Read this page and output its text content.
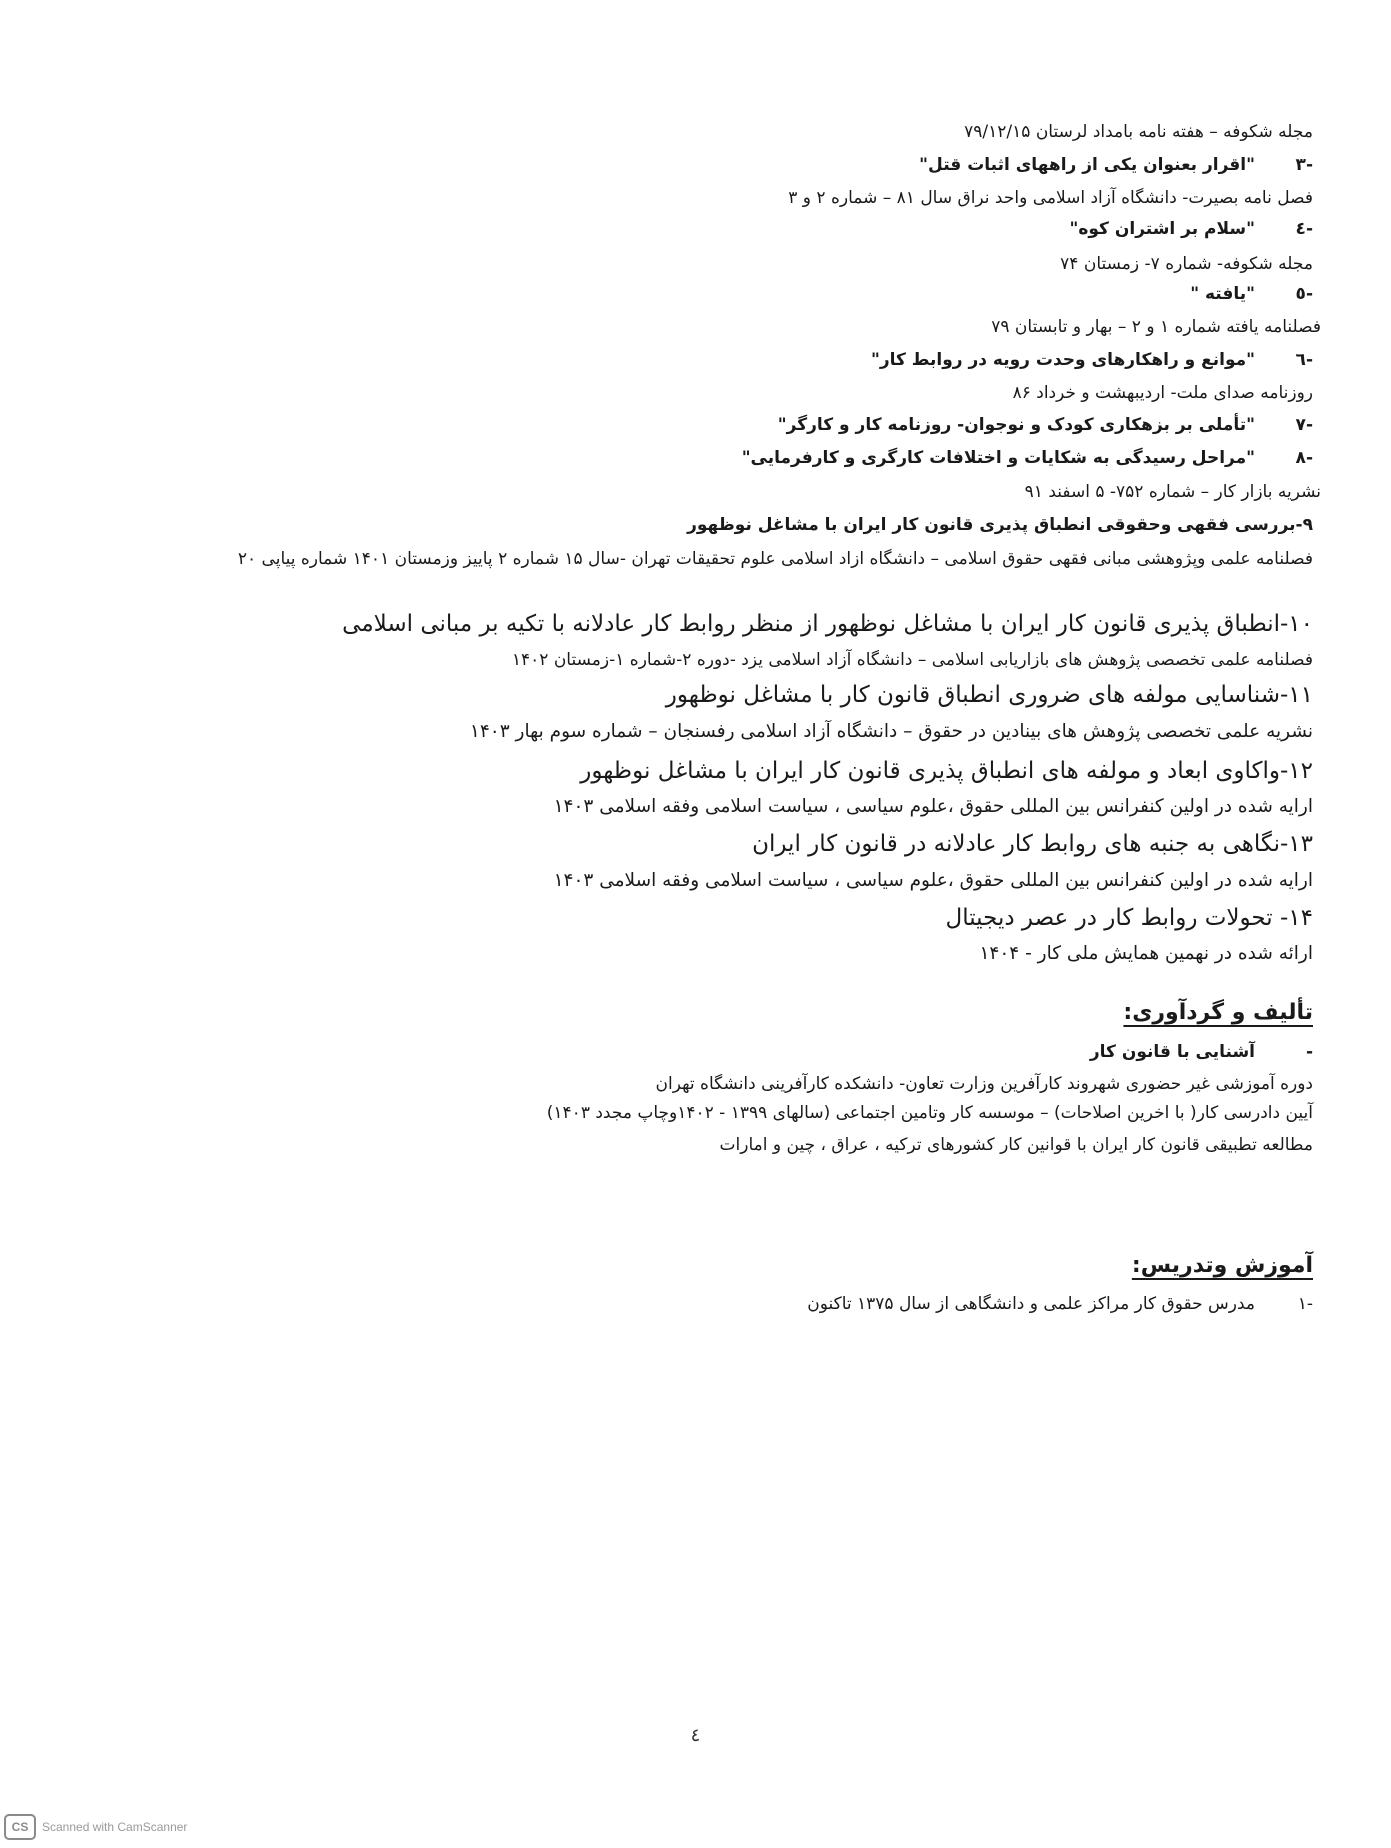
مجله شکوفه – هفته نامه بامداد لرستان ۷۹/۱۲/۱۵
-٣
"اقرار بعنوان یکی از راههای اثبات قتل"
فصل نامه بصیرت- دانشگاه آزاد اسلامی واحد نراق سال ۸۱ – شماره ۲ و ۳
-٤
"سلام بر اشتران کوه"
مجله شکوفه- شماره ۷- زمستان ۷۴
-٥
"یافته "
فصلنامه یافته شماره ۱ و ۲ – بهار و تابستان ۷۹
-٦
"موانع و راهکارهای وحدت رویه در روابط کار"
روزنامه صدای ملت- اردیبهشت و خرداد ۸۶
-٧
"تأملی بر بزهکاری کودک و نوجوان- روزنامه کار و کارگر"
-٨
"مراحل رسیدگی به شکایات و اختلافات کارگری و کارفرمایی"
نشریه بازار کار – شماره ۷۵۲- ۵ اسفند ۹۱
۹-بررسی فقهی وحقوقی انطباق پذیری قانون کار ایران با مشاغل نوظهور
فصلنامه علمی وپژوهشی مبانی فقهی حقوق اسلامی – دانشگاه ازاد اسلامی علوم تحقیقات تهران -سال ۱۵ شماره ۲ پاییز وزمستان ۱۴۰۱ شماره پیاپی ۲۰
۱۰-انطباق پذیری قانون کار ایران با مشاغل نوظهور از منظر روابط کار عادلانه با تکیه بر مبانی اسلامی
فصلنامه علمی تخصصی پژوهش های بازاریابی اسلامی – دانشگاه آزاد اسلامی یزد -دوره ۲-شماره ۱-زمستان ۱۴۰۲
۱۱-شناسایی مولفه های ضروری انطباق قانون کار با مشاغل نوظهور
نشریه علمی تخصصی پژوهش های بینادین در حقوق – دانشگاه آزاد اسلامی رفسنجان – شماره سوم بهار ۱۴۰۳
۱۲-واکاوی ابعاد و مولفه های انطباق پذیری قانون کار ایران با مشاغل نوظهور
ارایه شده در اولین کنفرانس بین المللی حقوق ،علوم سیاسی ، سیاست اسلامی وفقه اسلامی ۱۴۰۳
۱۳-نگاهی به جنبه های روابط کار عادلانه در قانون کار ایران
ارایه شده در اولین کنفرانس بین المللی حقوق ،علوم سیاسی ، سیاست اسلامی وفقه اسلامی ۱۴۰۳
۱۴- تحولات روابط کار در عصر دیجیتال
ارائه شده در نهمین همایش ملی کار - ۱۴۰۴
تألیف و گردآوری:
-
آشنایی با قانون کار
دوره آموزشی غیر حضوری شهروند کارآفرین وزارت تعاون- دانشکده کارآفرینی دانشگاه تهران
آیین دادرسی کار( با اخرین اصلاحات) – موسسه کار وتامین اجتماعی (سالهای ۱۳۹۹ - ۱۴۰۲وچاپ مجدد ۱۴۰۳)
مطالعه تطبیقی قانون کار ایران با قوانین کار کشورهای ترکیه ، عراق ، چین و امارات
آموزش وتدریس:
-۱
مدرس حقوق کار مراکز علمی و دانشگاهی از سال ۱۳۷۵ تاکنون
٤
CS	Scanned with CamScanner
